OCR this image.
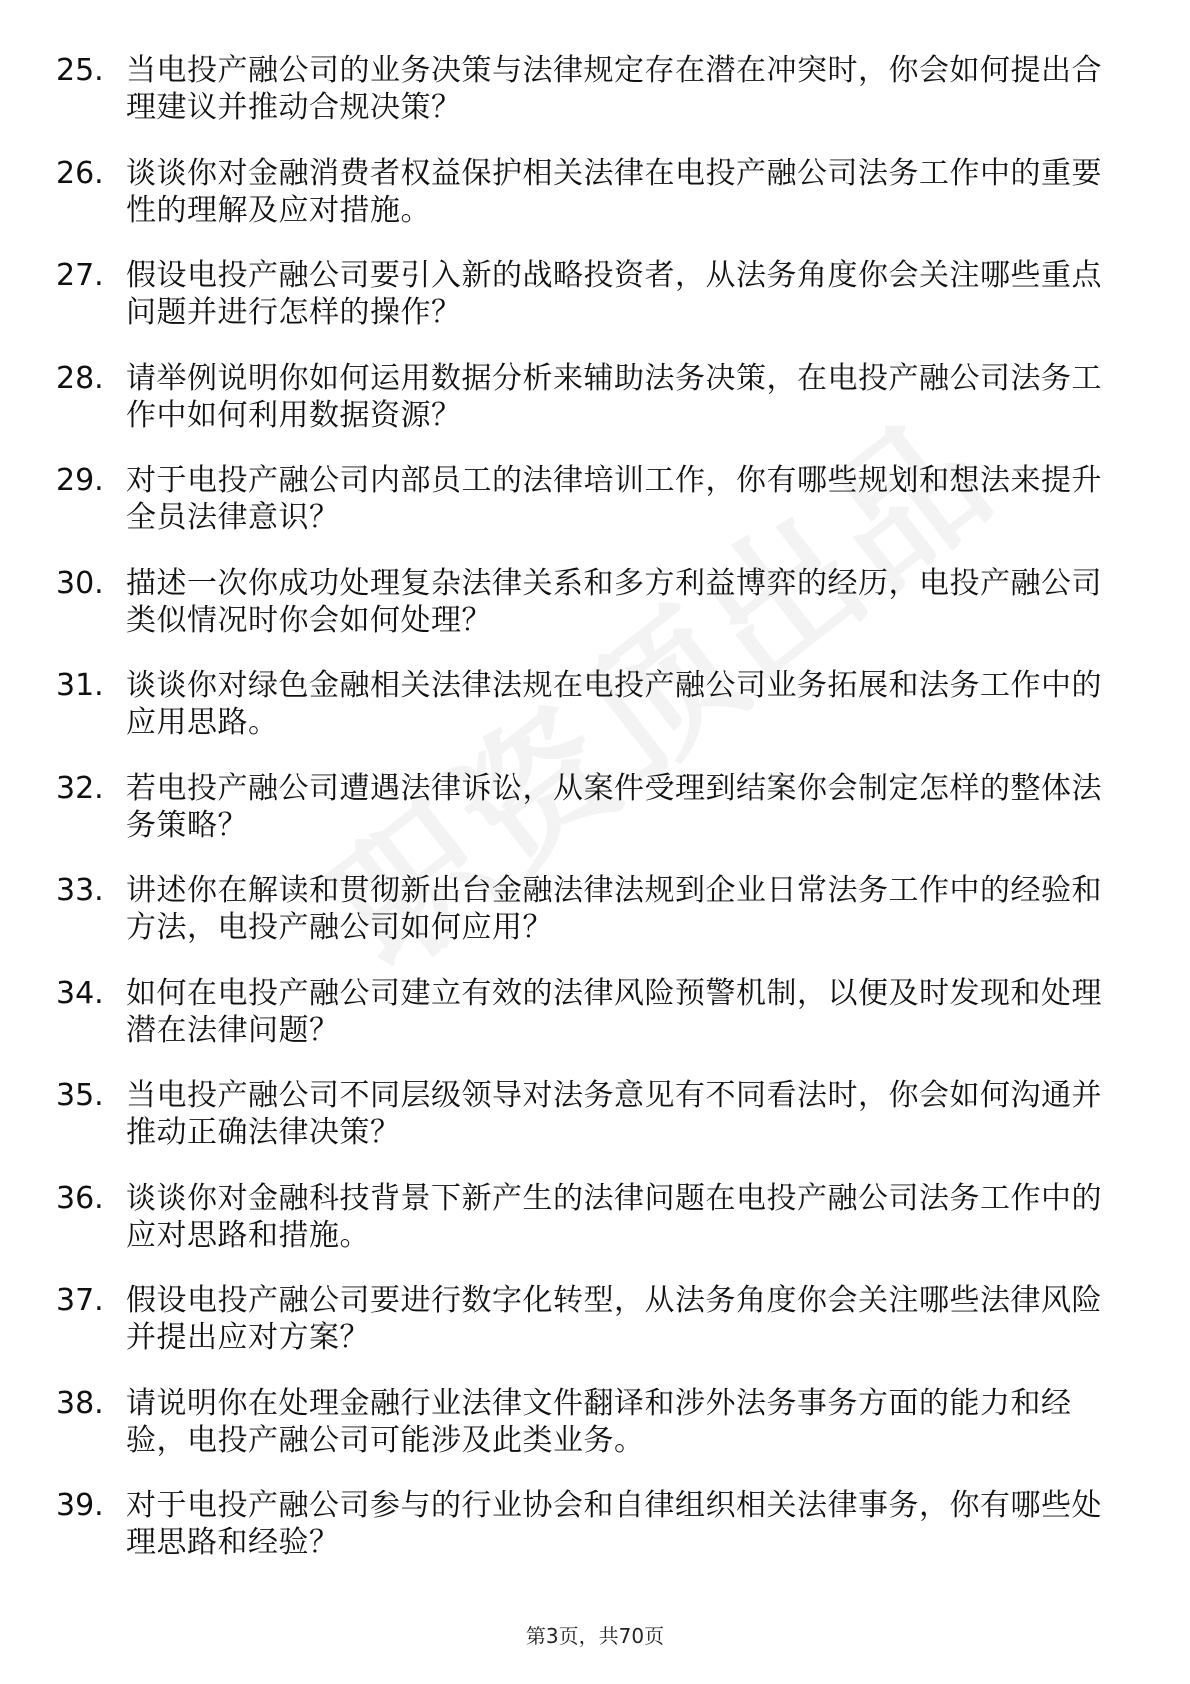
25. 当电投产融公司的业务决策与法律规定存在潜在冲突时，你会如何提出合理建议并推动合规决策？
26. 谈谈你对金融消费者权益保护相关法律在电投产融公司法务工作中的重要性的理解及应对措施。
27. 假设电投产融公司要引入新的战略投资者，从法务角度你会关注哪些重点问题并进行怎样的操作？
28. 请举例说明你如何运用数据分析来辅助法务决策，在电投产融公司法务工作中如何利用数据资源？
29. 对于电投产融公司内部员工的法律培训工作，你有哪些规划和想法来提升全员法律意识？
30. 描述一次你成功处理复杂法律关系和多方利益博弈的经历，电投产融公司类似情况时你会如何处理？
31. 谈谈你对绿色金融相关法律法规在电投产融公司业务拓展和法务工作中的应用思路。
32. 若电投产融公司遭遇法律诉讼，从案件受理到结案你会制定怎样的整体法务策略？
33. 讲述你在解读和贯彻新出台金融法律法规到企业日常法务工作中的经验和方法，电投产融公司如何应用？
34. 如何在电投产融公司建立有效的法律风险预警机制，以便及时发现和处理潜在法律问题？
35. 当电投产融公司不同层级领导对法务意见有不同看法时，你会如何沟通并推动正确法律决策？
36. 谈谈你对金融科技背景下新产生的法律问题在电投产融公司法务工作中的应对思路和措施。
37. 假设电投产融公司要进行数字化转型，从法务角度你会关注哪些法律风险并提出应对方案？
38. 请说明你在处理金融行业法律文件翻译和涉外法务事务方面的能力和经验，电投产融公司可能涉及此类业务。
39. 对于电投产融公司参与的行业协会和自律组织相关法律事务，你有哪些处理思路和经验？
第3页，共70页
